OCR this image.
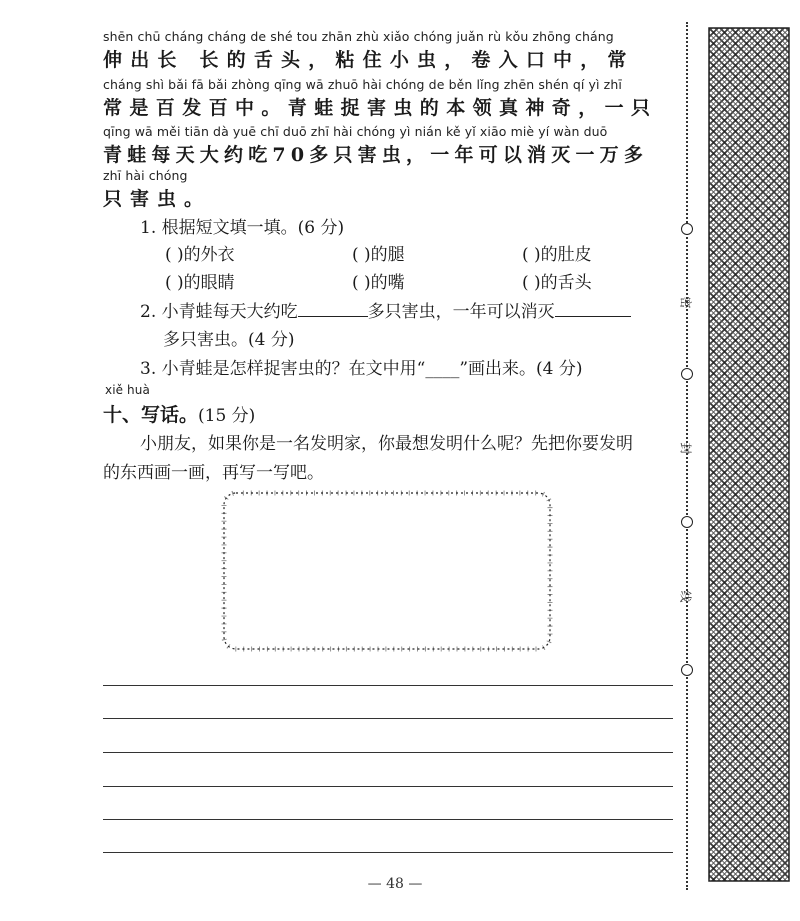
shēn chū cháng cháng de shé tou zhān zhù xiǎo chóng juǎn rù kǒu zhōng cháng
伸出长 长的舌头，粘住小虫，卷入口中，常
cháng shì bǎi fā bǎi zhòng qīng wā zhuō hài chóng de běn lǐng zhēn shén qí yì zhī
常是百发百中。青蛙捉害虫的本领真神奇，一只
qīng wā měi tiān dà yuē chī duō zhī hài chóng yì nián kě yǐ xiāo miè yí wàn duō
青蛙每天大约吃70多只害虫，一年可以消灭一万多
zhī hài chóng
只害虫。
1. 根据短文填一填。(6 分)
( )的外衣	( )的腿	( )的肚皮
( )的眼睛	( )的嘴	( )的舌头
2. 小青蛙每天大约吃	多只害虫，一年可以消灭
多只害虫。(4 分)
3. 小青蛙是怎样捉害虫的？在文中用“____”画出来。(4 分)
xiě huà
十、写话。(15 分)
小朋友，如果你是一名发明家，你最想发明什么呢？先把你要发明
的东西画一画，再写一写吧。
密
封
线
— 48 —
